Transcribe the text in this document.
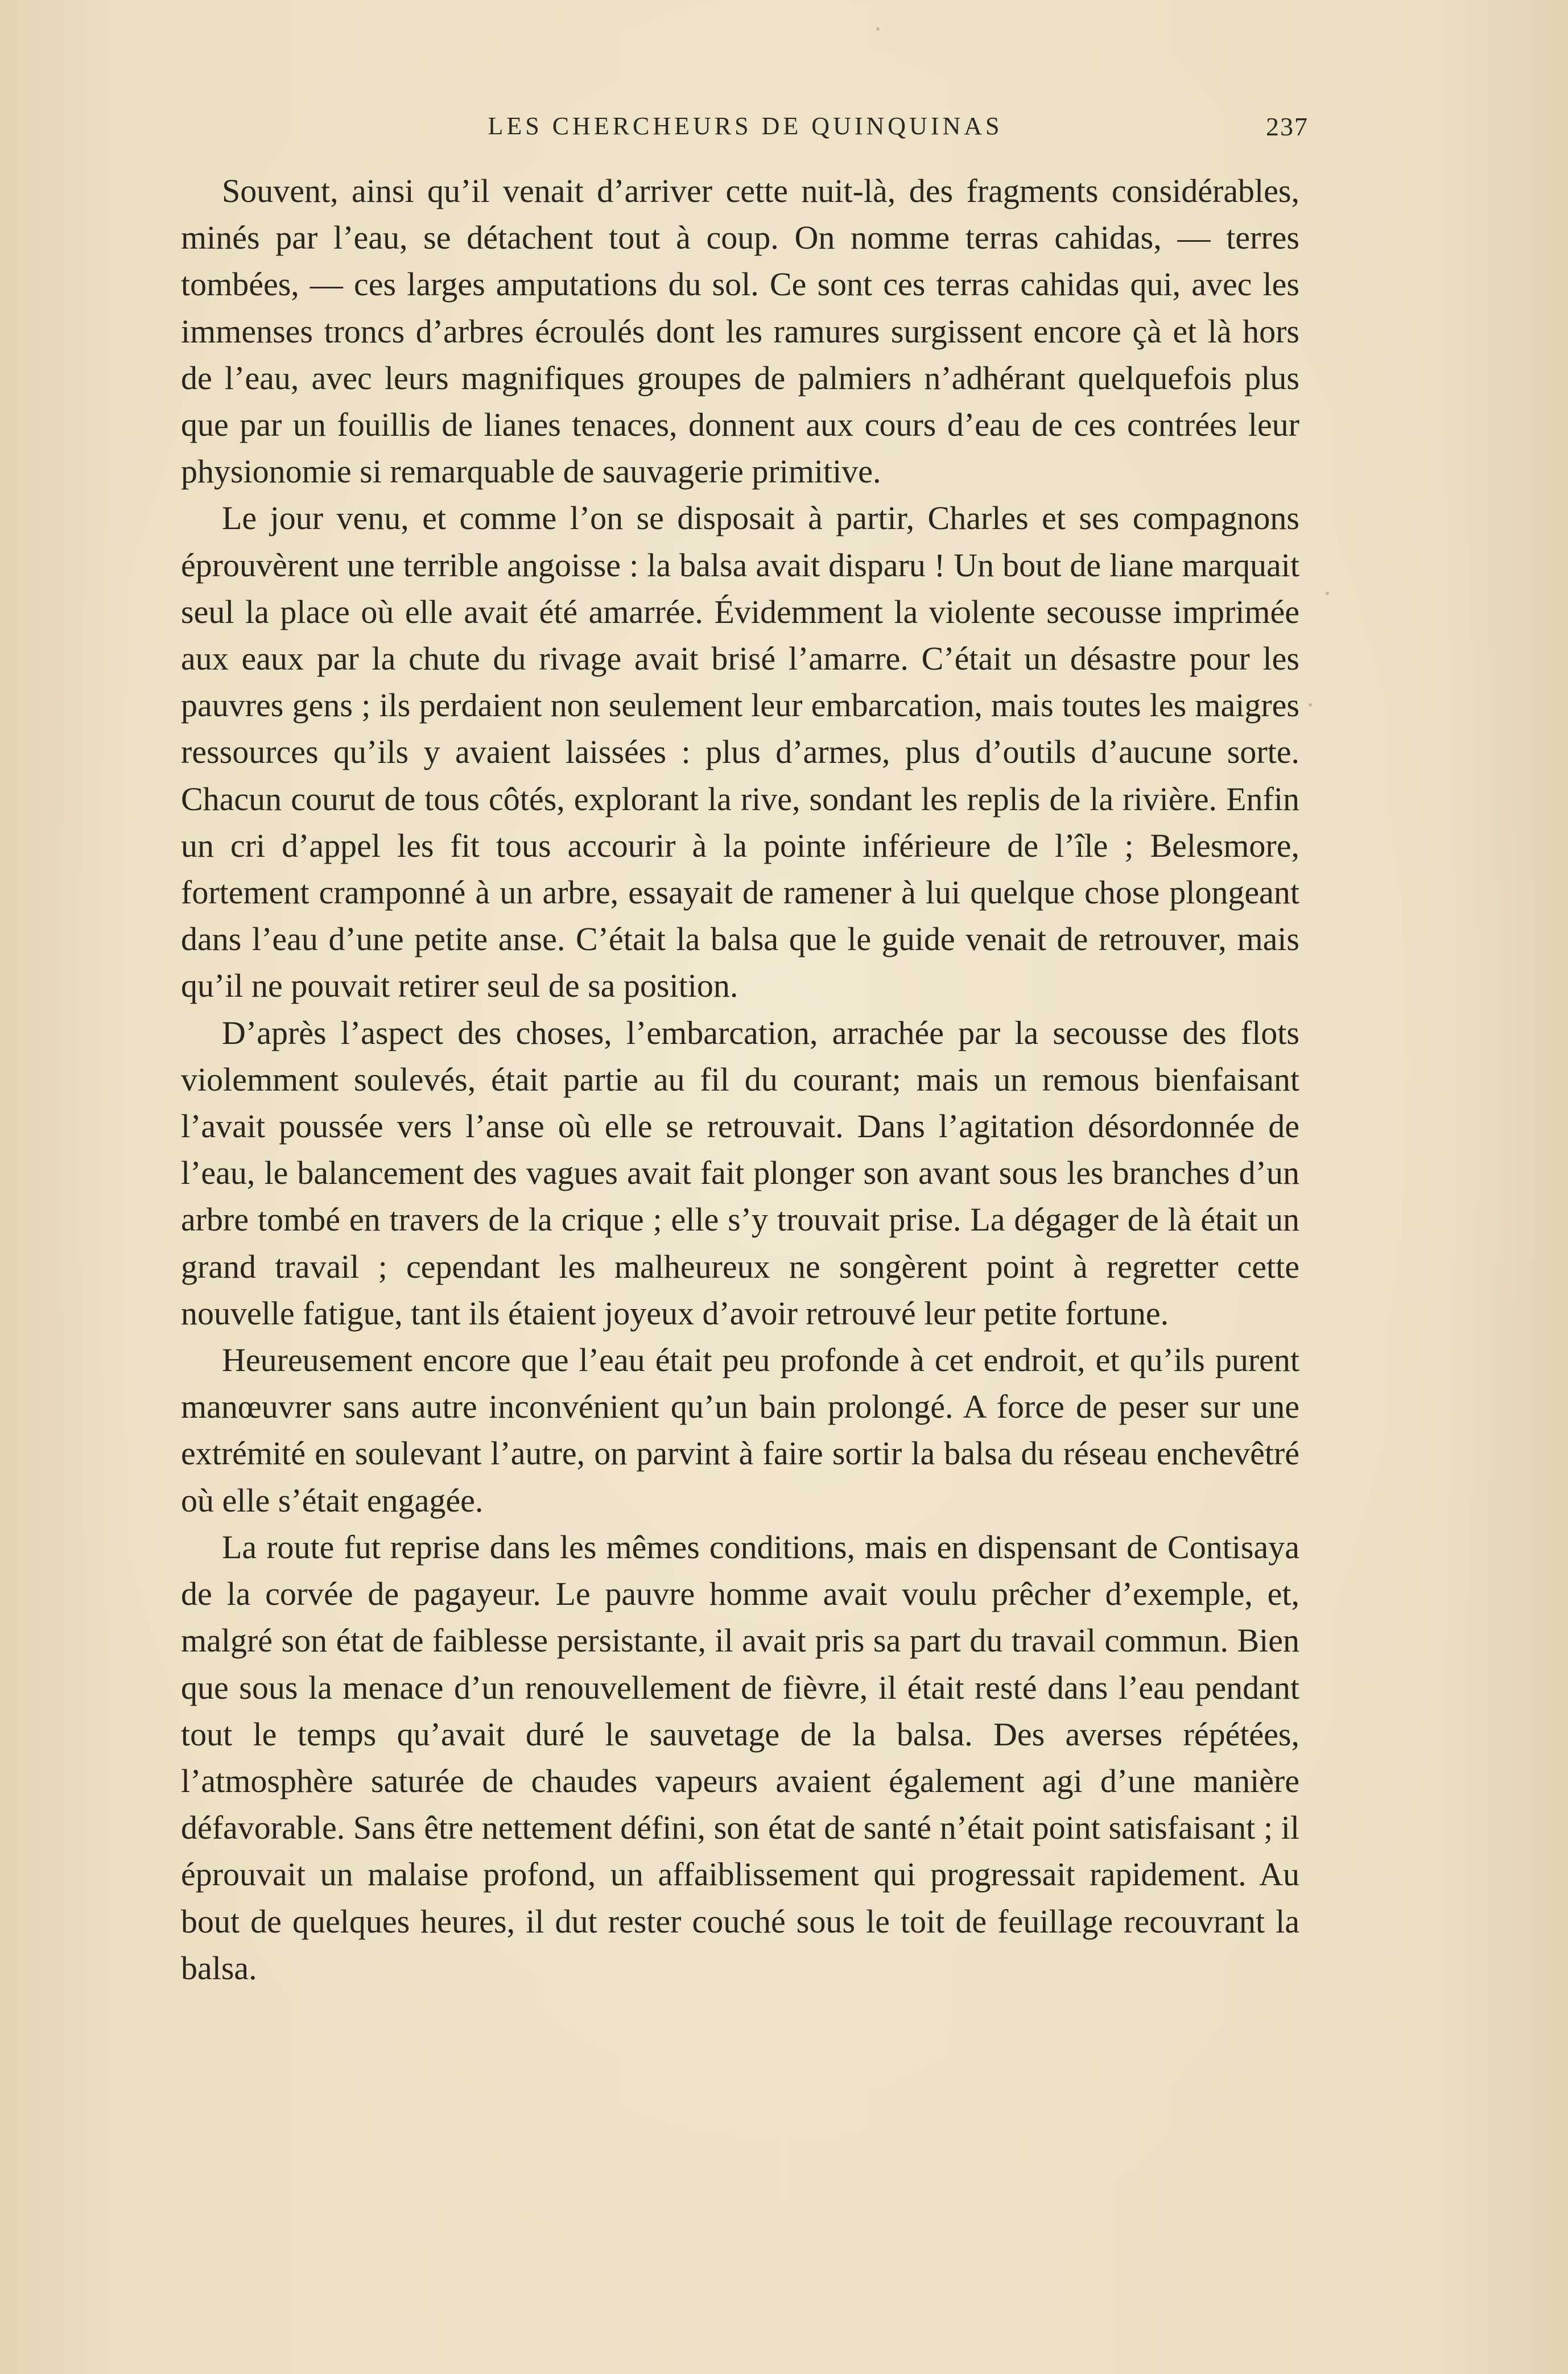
LES CHERCHEURS DE QUINQUINAS	237

Souvent, ainsi qu’il venait d’arriver cette nuit-là, des fragments considérables, minés par l’eau, se détachent tout à coup. On nomme terras cahidas, — terres tombées, — ces larges amputations du sol. Ce sont ces terras cahidas qui, avec les immenses troncs d’arbres écroulés dont les ramures surgissent encore çà et là hors de l’eau, avec leurs magnifiques groupes de palmiers n’adhérant quelquefois plus que par un fouillis de lianes tenaces, donnent aux cours d’eau de ces contrées leur physionomie si remarquable de sauvagerie primitive.

Le jour venu, et comme l’on se disposait à partir, Charles et ses compagnons éprouvèrent une terrible angoisse : la balsa avait disparu ! Un bout de liane marquait seul la place où elle avait été amarrée. Évidemment la violente secousse imprimée aux eaux par la chute du rivage avait brisé l’amarre. C’était un désastre pour les pauvres gens ; ils perdaient non seulement leur embarcation, mais toutes les maigres ressources qu’ils y avaient laissées : plus d’armes, plus d’outils d’aucune sorte. Chacun courut de tous côtés, explorant la rive, sondant les replis de la rivière. Enfin un cri d’appel les fit tous accourir à la pointe inférieure de l’île ; Belesmore, fortement cramponné à un arbre, essayait de ramener à lui quelque chose plongeant dans l’eau d’une petite anse. C’était la balsa que le guide venait de retrouver, mais qu’il ne pouvait retirer seul de sa position.

D’après l’aspect des choses, l’embarcation, arrachée par la secousse des flots violemment soulevés, était partie au fil du courant; mais un remous bienfaisant l’avait poussée vers l’anse où elle se retrouvait. Dans l’agitation désordonnée de l’eau, le balancement des vagues avait fait plonger son avant sous les branches d’un arbre tombé en travers de la crique ; elle s’y trouvait prise. La dégager de là était un grand travail ; cependant les malheureux ne songèrent point à regretter cette nouvelle fatigue, tant ils étaient joyeux d’avoir retrouvé leur petite fortune.

Heureusement encore que l’eau était peu profonde à cet endroit, et qu’ils purent manœuvrer sans autre inconvénient qu’un bain prolongé. A force de peser sur une extrémité en soulevant l’autre, on parvint à faire sortir la balsa du réseau enchevêtré où elle s’était engagée.

La route fut reprise dans les mêmes conditions, mais en dispensant de Contisaya de la corvée de pagayeur. Le pauvre homme avait voulu prêcher d’exemple, et, malgré son état de faiblesse persistante, il avait pris sa part du travail commun. Bien que sous la menace d’un renouvellement de fièvre, il était resté dans l’eau pendant tout le temps qu’avait duré le sauvetage de la balsa. Des averses répétées, l’atmosphère saturée de chaudes vapeurs avaient également agi d’une manière défavorable. Sans être nettement défini, son état de santé n’était point satisfaisant ; il éprouvait un malaise profond, un affaiblissement qui progressait rapidement. Au bout de quelques heures, il dut rester couché sous le toit de feuillage recouvrant la balsa.
